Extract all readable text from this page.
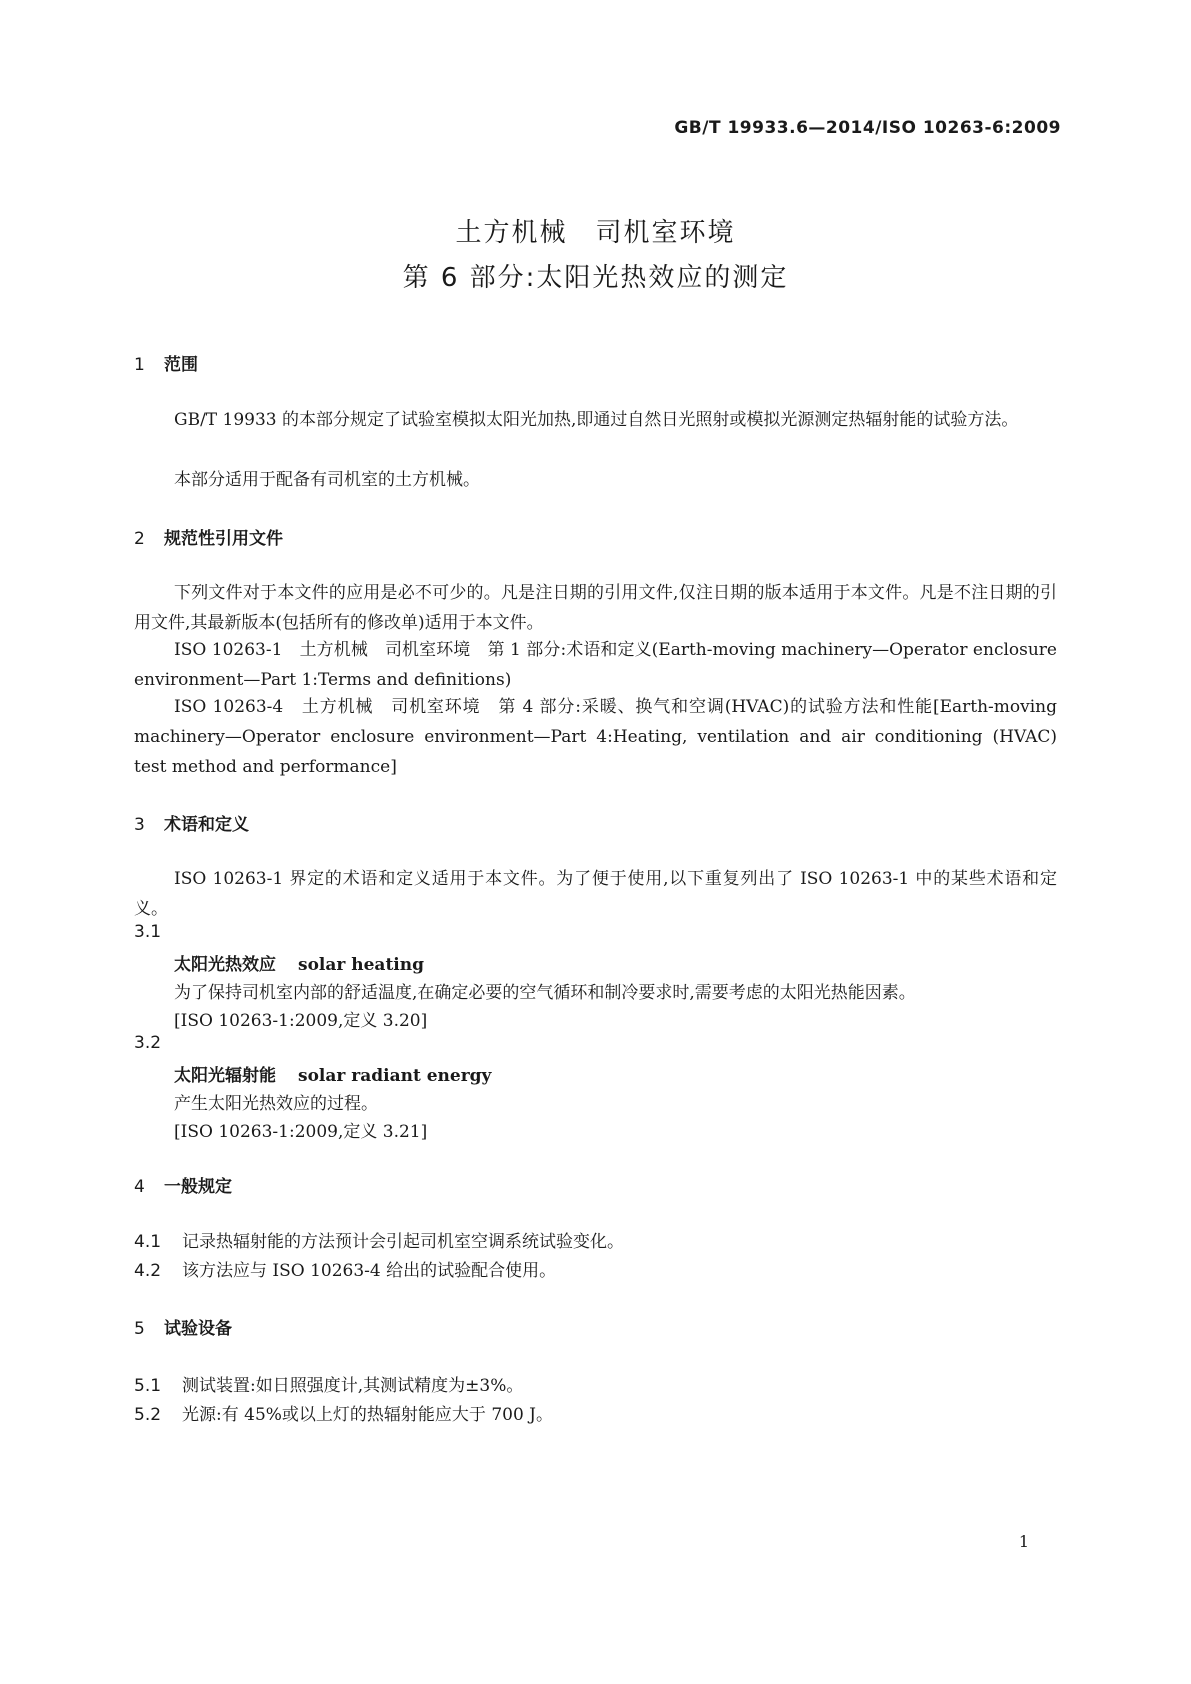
GB/T 19933.6—2014/ISO 10263-6:2009
土方机械　司机室环境
第 6 部分:太阳光热效应的测定
1 范围
GB/T 19933 的本部分规定了试验室模拟太阳光加热,即通过自然日光照射或模拟光源测定热辐射能的试验方法。
本部分适用于配备有司机室的土方机械。
2 规范性引用文件
下列文件对于本文件的应用是必不可少的。凡是注日期的引用文件,仅注日期的版本适用于本文件。凡是不注日期的引用文件,其最新版本(包括所有的修改单)适用于本文件。
ISO 10263-1　土方机械　司机室环境　第 1 部分:术语和定义(Earth-moving machinery—Operator enclosure environment—Part 1:Terms and definitions)
ISO 10263-4　土方机械　司机室环境　第 4 部分:采暖、换气和空调(HVAC)的试验方法和性能[Earth-moving machinery—Operator enclosure environment—Part 4:Heating, ventilation and air conditioning (HVAC) test method and performance]
3 术语和定义
ISO 10263-1 界定的术语和定义适用于本文件。为了便于使用,以下重复列出了 ISO 10263-1 中的某些术语和定义。
3.1
太阳光热效应 solar heating
为了保持司机室内部的舒适温度,在确定必要的空气循环和制冷要求时,需要考虑的太阳光热能因素。
[ISO 10263-1:2009,定义 3.20]
3.2
太阳光辐射能 solar radiant energy
产生太阳光热效应的过程。
[ISO 10263-1:2009,定义 3.21]
4 一般规定
4.1 记录热辐射能的方法预计会引起司机室空调系统试验变化。
4.2 该方法应与 ISO 10263-4 给出的试验配合使用。
5 试验设备
5.1 测试装置:如日照强度计,其测试精度为±3%。
5.2 光源:有 45%或以上灯的热辐射能应大于 700 J。
1
